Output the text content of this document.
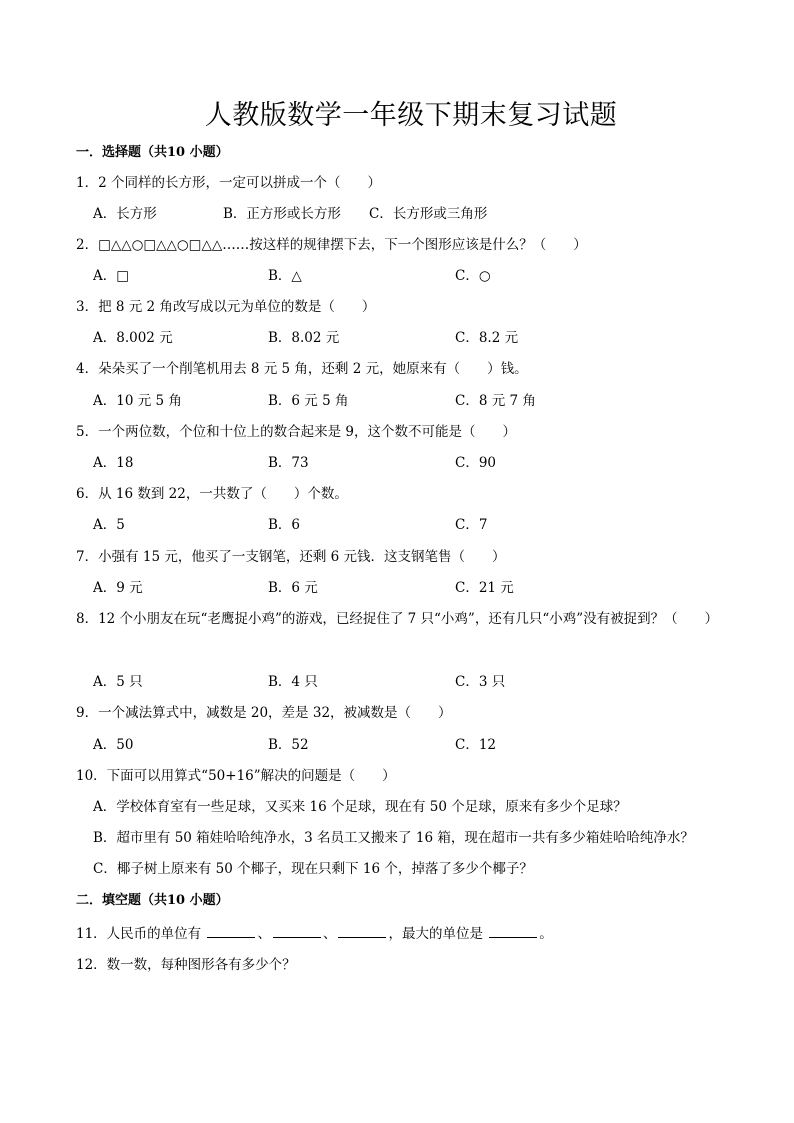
人教版数学一年级下期末复习试题
一．选择题（共10 小题）
1．2 个同样的长方形，一定可以拼成一个（　　）
A．长方形	B．正方形或长方形 C．长方形或三角形
2．□△△○□△△○□△△……按这样的规律摆下去，下一个图形应该是什么？（　　）
A．□	B．△	C．○
3．把 8 元 2 角改写成以元为单位的数是（　　）
A．8.002 元	B．8.02 元	C．8.2 元
4．朵朵买了一个削笔机用去 8 元 5 角，还剩 2 元，她原来有（　　）钱。
A．10 元 5 角	B．6 元 5 角	C．8 元 7 角
5．一个两位数，个位和十位上的数合起来是 9，这个数不可能是（　　）
A．18	B．73	C．90
6．从 16 数到 22，一共数了（　　）个数。
A．5	B．6	C．7
7．小强有 15 元，他买了一支钢笔，还剩 6 元钱．这支钢笔售（　　）
A．9 元	B．6 元	C．21 元
8．12 个小朋友在玩“老鹰捉小鸡”的游戏，已经捉住了 7 只“小鸡”，还有几只“小鸡”没有被捉到？（　　）
A．5 只	B．4 只	C．3 只
9．一个减法算式中，减数是 20，差是 32，被减数是（　　）
A．50	B．52	C．12
10．下面可以用算式“50+16”解决的问题是（　　）
A．学校体育室有一些足球，又买来 16 个足球，现在有 50 个足球，原来有多少个足球？
B．超市里有 50 箱娃哈哈纯净水，3 名员工又搬来了 16 箱，现在超市一共有多少箱娃哈哈纯净水？
C．椰子树上原来有 50 个椰子，现在只剩下 16 个，掉落了多少个椰子？
二．填空题（共10 小题）
11．人民币的单位有	、	、	，最大的单位是	。
12．数一数，每种图形各有多少个？
